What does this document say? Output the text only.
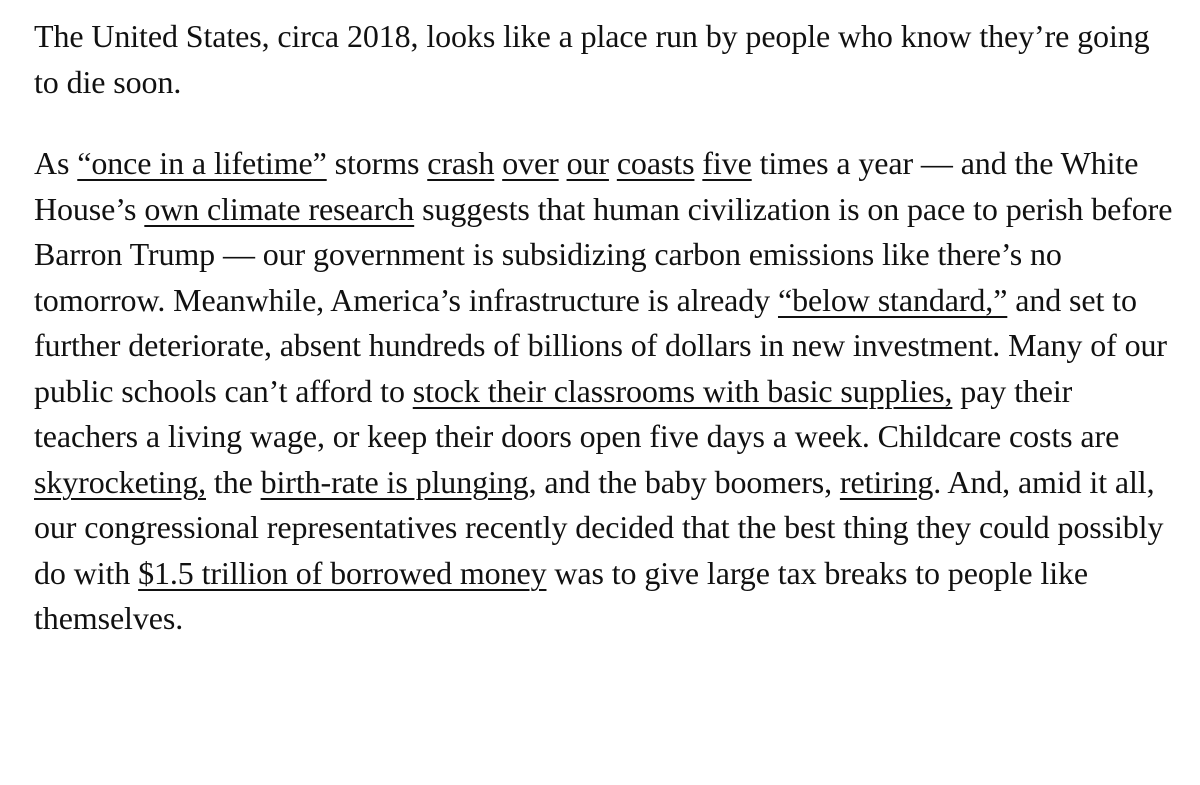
The United States, circa 2018, looks like a place run by people who know they’re going to die soon.

As “once in a lifetime” storms crash over our coasts five times a year — and the White House’s own climate research suggests that human civilization is on pace to perish before Barron Trump — our government is subsidizing carbon emissions like there’s no tomorrow. Meanwhile, America’s infrastructure is already “below standard,” and set to further deteriorate, absent hundreds of billions of dollars in new investment. Many of our public schools can’t afford to stock their classrooms with basic supplies, pay their teachers a living wage, or keep their doors open five days a week. Childcare costs are skyrocketing, the birth-rate is plunging, and the baby boomers, retiring. And, amid it all, our congressional representatives recently decided that the best thing they could possibly do with $1.5 trillion of borrowed money was to give large tax breaks to people like themselves.
